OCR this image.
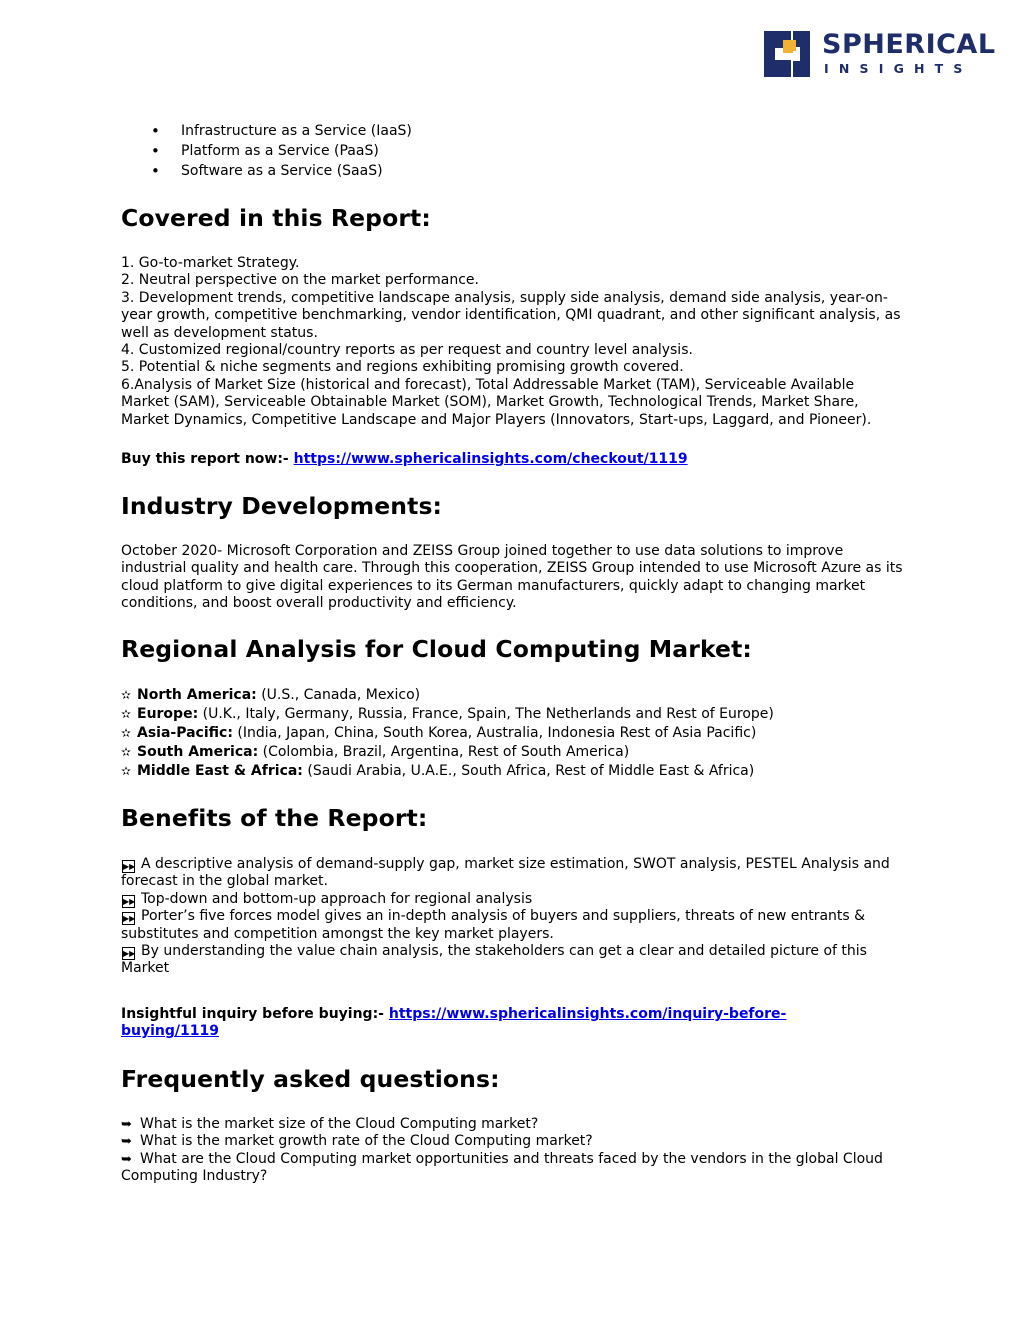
SPHERICAL
INSIGHTS
• Infrastructure as a Service (IaaS)
• Platform as a Service (PaaS)
• Software as a Service (SaaS)
Covered in this Report:

1. Go-to-market Strategy.

2. Neutral perspective on the market performance.

3. Development trends, competitive landscape analysis, supply side analysis, demand side analysis, year-on-year growth, competitive benchmarking, vendor identification, QMI quadrant, and other significant analysis, as well as development status.

4. Customized regional/country reports as per request and country level analysis.

5. Potential & niche segments and regions exhibiting promising growth covered.

6.Analysis of Market Size (historical and forecast), Total Addressable Market (TAM), Serviceable Available Market (SAM), Serviceable Obtainable Market (SOM), Market Growth, Technological Trends, Market Share, Market Dynamics, Competitive Landscape and Major Players (Innovators, Start-ups, Laggard, and Pioneer).

Buy this report now:- https://www.sphericalinsights.com/checkout/1119
Industry Developments:
October 2020- Microsoft Corporation and ZEISS Group joined together to use data solutions to improve industrial quality and health care. Through this cooperation, ZEISS Group intended to use Microsoft Azure as its cloud platform to give digital experiences to its German manufacturers, quickly adapt to changing market conditions, and boost overall productivity and efficiency.
Regional Analysis for Cloud Computing Market:
✫ North America: (U.S., Canada, Mexico)
✫ Europe: (U.K., Italy, Germany, Russia, France, Spain, The Netherlands and Rest of Europe)
✫ Asia-Pacific: (India, Japan, China, South Korea, Australia, Indonesia Rest of Asia Pacific)
✫ South America: (Colombia, Brazil, Argentina, Rest of South America)
✫ Middle East & Africa: (Saudi Arabia, U.A.E., South Africa, Rest of Middle East & Africa)
Benefits of the Report:

▶▶ A descriptive analysis of demand-supply gap, market size estimation, SWOT analysis, PESTEL Analysis and forecast in the global market.

▶▶ Top-down and bottom-up approach for regional analysis

▶▶ Porter’s five forces model gives an in-depth analysis of buyers and suppliers, threats of new entrants & substitutes and competition amongst the key market players.

▶▶ By understanding the value chain analysis, the stakeholders can get a clear and detailed picture of this Market

Insightful inquiry before buying:- https://www.sphericalinsights.com/inquiry-before-buying/1119
Frequently asked questions:

➥ What is the market size of the Cloud Computing market?

➥ What is the market growth rate of the Cloud Computing market?

➥ What are the Cloud Computing market opportunities and threats faced by the vendors in the global Cloud Computing Industry?
